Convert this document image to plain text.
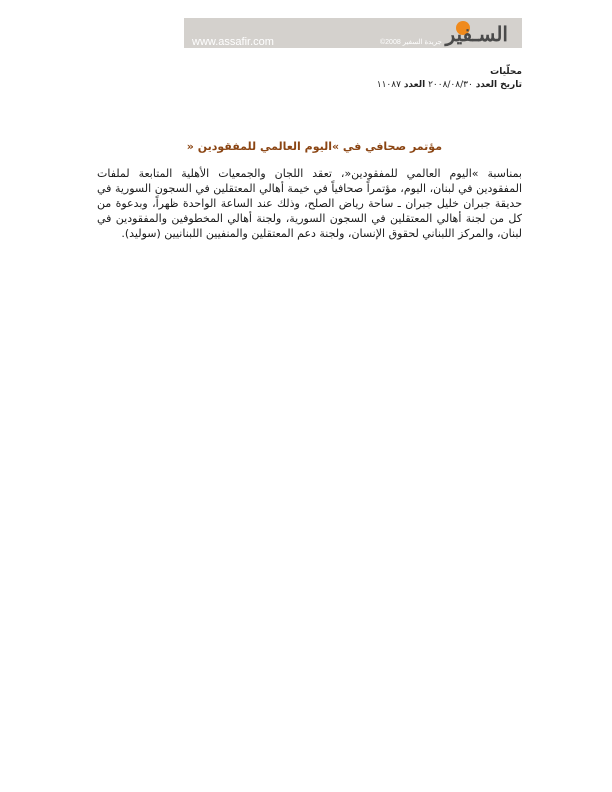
www.assafir.com	©2008 جريدة السفير السـفير
محلّيات
تاريخ العدد ٢٠٠٨/٠٨/٣٠ العدد ١١٠٨٧
مؤتمر صحافي في »اليوم العالمي للمفقودين «

بمناسبة »اليوم العالمي للمفقودين«، تعقد اللجان والجمعيات الأهلية المتابعة لملفات المفقودين في لبنان، اليوم، مؤتمراً صحافياً في خيمة أهالي المعتقلين في السجون السورية في حديقة جبران خليل جبران ـ ساحة رياض الصلح، وذلك عند الساعة الواحدة ظهراً، وبدعوة من كل من لجنة أهالي المعتقلين في السجون السورية، ولجنة أهالي المخطوفين والمفقودين في لبنان، والمركز اللبناني لحقوق الإنسان، ولجنة دعم المعتقلين والمنفيين اللبنانيين (سوليد).
